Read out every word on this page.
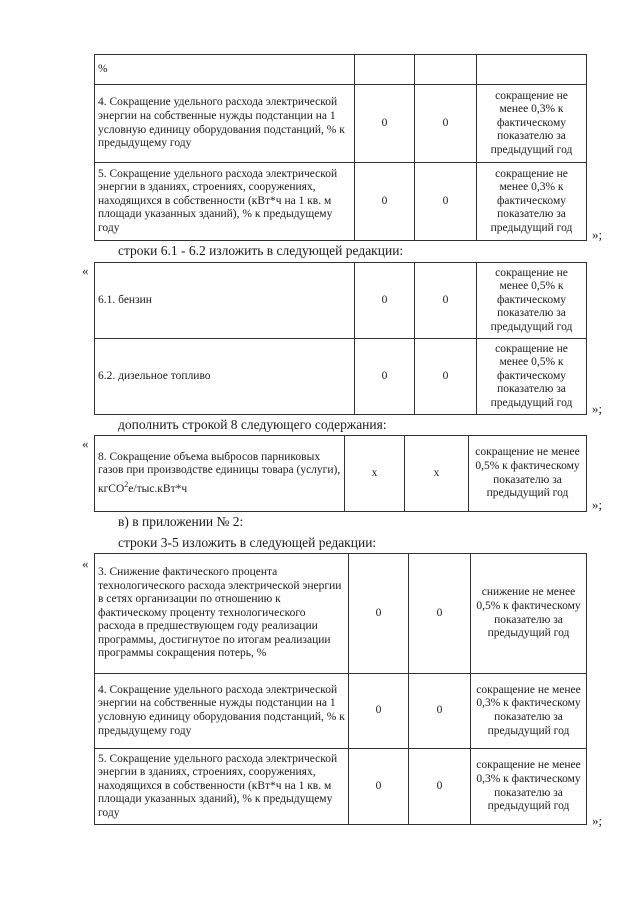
%			
4. Сокращение удельного расхода электрической энергии на собственные нужды подстанции на 1 условную единицу оборудования подстанций, % к предыдущему году	0	0	сокращение не менее 0,3% к фактическому показателю за предыдущий год
5. Сокращение удельного расхода электрической энергии в зданиях, строениях, сооружениях, находящихся в собственности (кВт*ч на 1 кв. м площади указанных зданий), % к предыдущему году	0	0	сокращение не менее 0,3% к фактическому показателю за предыдущий год »;
строки 6.1 - 6.2 изложить в следующей редакции:
«
6.1. бензин	0	0	сокращение не менее 0,5% к фактическому показателю за предыдущий год
6.2. дизельное топливо	0	0	сокращение не менее 0,5% к фактическому показателю за предыдущий год »;
дополнить строкой 8 следующего содержания:
«
8. Сокращение объема выбросов парниковых газов при производстве единицы товара (услуги), кгCO$^2$e/тыс.кВт*ч	x	x	сокращение не менее 0,5% к фактическому показателю за предыдущий год
»;
в) в приложении № 2:
строки 3-5 изложить в следующей редакции:
«
3. Снижение фактического процента технологического расхода электрической энергии в сетях организации по отношению к фактическому проценту технологического расхода в предшествующем году реализации программы, достигнутое по итогам реализации программы сокращения потерь, %	0	0	снижение не менее 0,5% к фактическому показателю за предыдущий год
4. Сокращение удельного расхода электрической энергии на собственные нужды подстанции на 1 условную единицу оборудования подстанций, % к предыдущему году	0	0	сокращение не менее 0,3% к фактическому показателю за предыдущий год
5. Сокращение удельного расхода электрической энергии в зданиях, строениях, сооружениях, находящихся в собственности (кВт*ч на 1 кв. м площади указанных зданий), % к предыдущему году	0	0	сокращение не менее 0,3% к фактическому показателю за предыдущий год
»;
